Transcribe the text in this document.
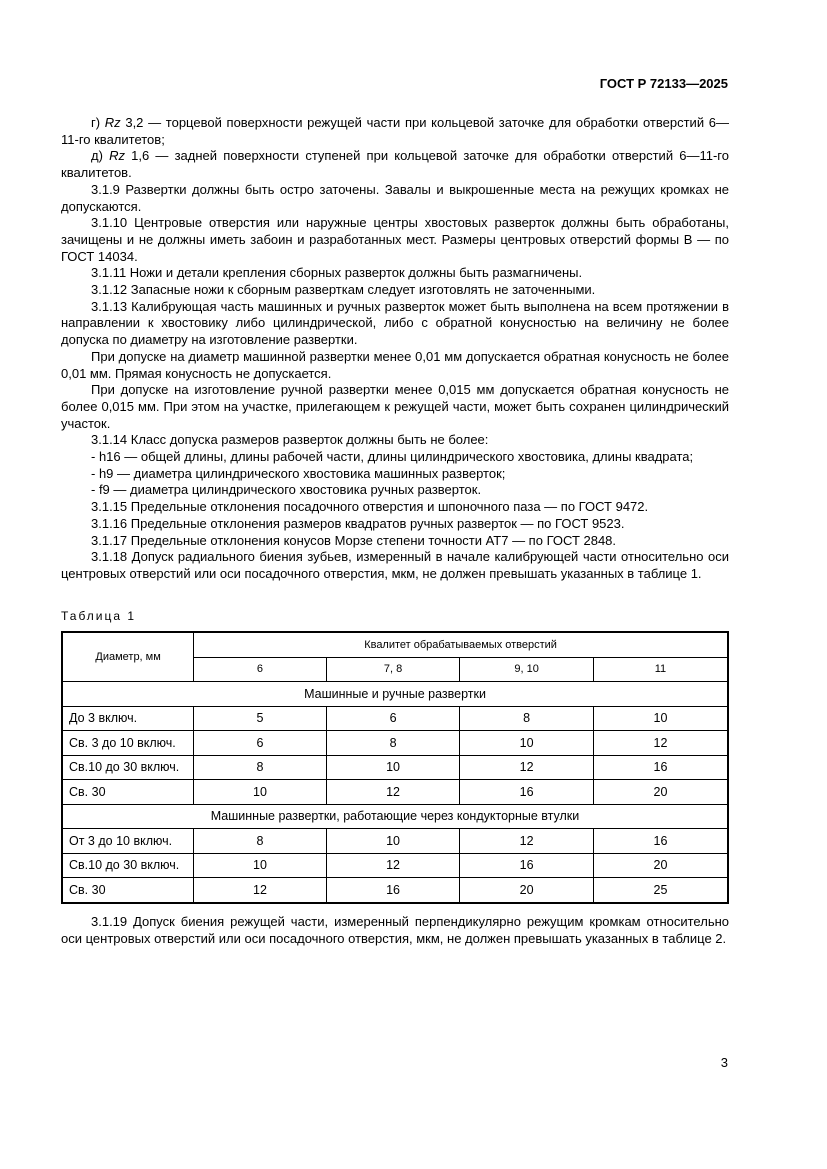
ГОСТ Р 72133—2025

г) Rz 3,2 — торцевой поверхности режущей части при кольцевой заточке для обработки отверстий 6—11-го квалитетов;

д) Rz 1,6 — задней поверхности ступеней при кольцевой заточке для обработки отверстий 6—11-го квалитетов.

3.1.9 Развертки должны быть остро заточены. Завалы и выкрошенные места на режущих кромках не допускаются.

3.1.10 Центровые отверстия или наружные центры хвостовых разверток должны быть обработаны, зачищены и не должны иметь забоин и разработанных мест. Размеры центровых отверстий формы В — по ГОСТ 14034.

3.1.11 Ножи и детали крепления сборных разверток должны быть размагничены.

3.1.12 Запасные ножи к сборным разверткам следует изготовлять не заточенными.

3.1.13 Калибрующая часть машинных и ручных разверток может быть выполнена на всем протяжении в направлении к хвостовику либо цилиндрической, либо с обратной конусностью на величину не более допуска по диаметру на изготовление развертки.

При допуске на диаметр машинной развертки менее 0,01 мм допускается обратная конусность не более 0,01 мм. Прямая конусность не допускается.

При допуске на изготовление ручной развертки менее 0,015 мм допускается обратная конусность не более 0,015 мм. При этом на участке, прилегающем к режущей части, может быть сохранен цилиндрический участок.

3.1.14 Класс допуска размеров разверток должны быть не более:

- h16 — общей длины, длины рабочей части, длины цилиндрического хвостовика, длины квадрата;

- h9 — диаметра цилиндрического хвостовика машинных разверток;

- f9 — диаметра цилиндрического хвостовика ручных разверток.

3.1.15 Предельные отклонения посадочного отверстия и шпоночного паза — по ГОСТ 9472.

3.1.16 Предельные отклонения размеров квадратов ручных разверток — по ГОСТ 9523.

3.1.17 Предельные отклонения конусов Морзе степени точности АТ7 — по ГОСТ 2848.

3.1.18 Допуск радиального биения зубьев, измеренный в начале калибрующей части относительно оси центровых отверстий или оси посадочного отверстия, мкм, не должен превышать указанных в таблице 1.

Таблица 1
Диаметр, мм	Квалитет обрабатываемых отверстий			
	6	7, 8	9, 10	11
Машинные и ручные развертки				
До 3 включ.	5	6	8	10
Св. 3 до 10 включ.	6	8	10	12
Св.10 до 30 включ.	8	10	12	16
Св. 30	10	12	16	20
Машинные развертки, работающие через кондукторные втулки				
От 3 до 10 включ.	8	10	12	16
Св.10 до 30 включ.	10	12	16	20
Св. 30	12	16	20	25

3.1.19 Допуск биения режущей части, измеренный перпендикулярно режущим кромкам относительно оси центровых отверстий или оси посадочного отверстия, мкм, не должен превышать указанных в таблице 2.

3
